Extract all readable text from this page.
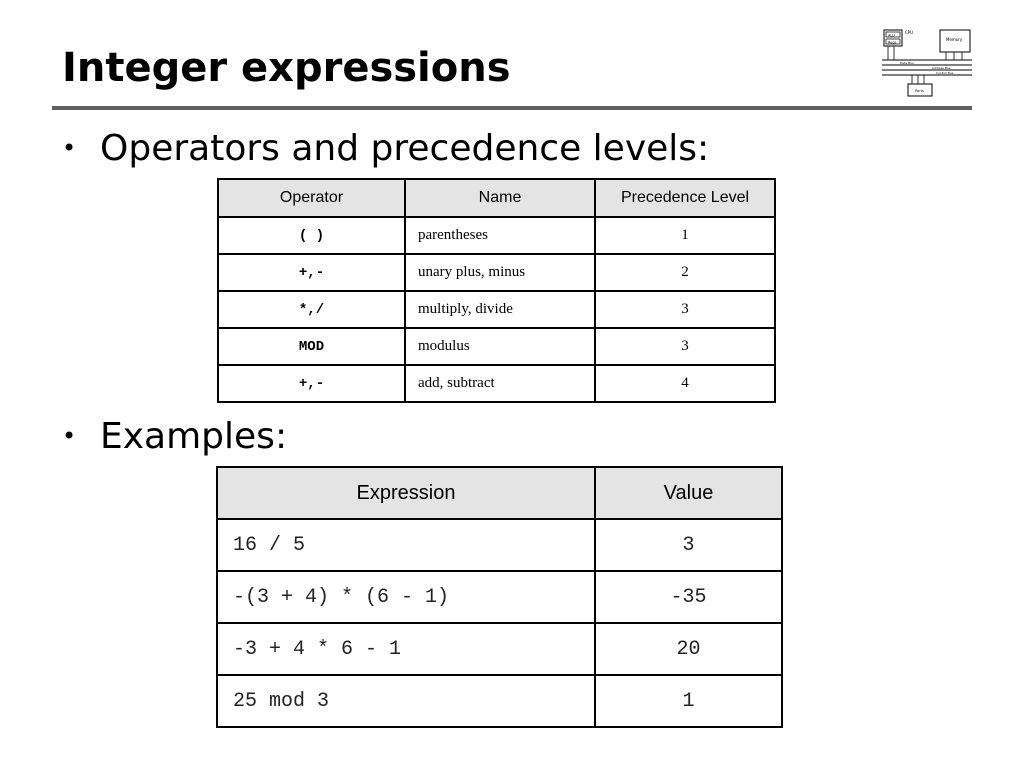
Integer expressions
ALU
Regs
CPU
Memory
Data Bus
Address Bus
Control Bus
Ports

• Operators and precedence levels:

Operator	Name	Precedence Level
( )	parentheses	1
+,-	unary plus, minus	2
*,/	multiply, divide	3
MOD	modulus	3
+,-	add, subtract	4

• Examples:

Expression	Value
16 / 5	3
-(3 + 4) * (6 - 1)	-35
-3 + 4 * 6 - 1	20
25 mod 3	1
